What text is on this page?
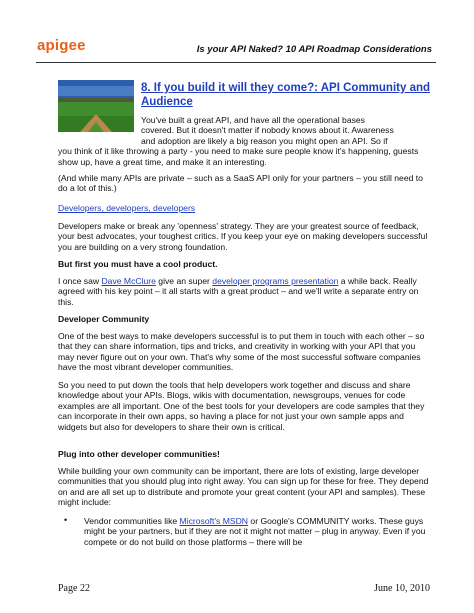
apigee	Is your API Naked? 10 API Roadmap Considerations
8. If you build it will they come?: API Community and Audience

You've built a great API, and have all the operational bases

covered. But it doesn't matter if nobody knows about it. Awareness

and adoption are likely a big reason you might open an API. So if

you think of it like throwing a party - you need to make sure people know it's happening, guests show up, have a great time, and make it an interesting.

(And while many APIs are private – such as a SaaS API only for your partners – you still need to do a lot of this.)
Developers, developers, developers
Developers make or break any 'openness' strategy. They are your greatest source of feedback, your best advocates, your toughest critics. If you keep your eye on making developers successful you are building on a very strong foundation.
But first you must have a cool product.
I once saw Dave McClure give an super developer programs presentation a while back. Really agreed with his key point – it all starts with a great product – and we'll write a separate entry on this.
Developer Community
One of the best ways to make developers successful is to put them in touch with each other – so that they can share information, tips and tricks, and creativity in working with your API that you may never figure out on your own. That's why some of the most successful software companies have the most vibrant developer communities.
So you need to put down the tools that help developers work together and discuss and share knowledge about your APIs. Blogs, wikis with documentation, newsgroups, venues for code examples are all important. One of the best tools for your developers are code samples that they can incorporate in their own apps, so having a place for not just your own sample apps and widgets but also for developers to share their own is critical.
Plug into other developer communities!
While building your own community can be important, there are lots of existing, large developer communities that you should plug into right away. You can sign up for these for free. They depend on and are all set up to distribute and promote your great content (your API and samples). These might include:
• Vendor communities like Microsoft's MSDN or Google's COMMUNITY works. These guys might be your partners, but if they are not it might not matter – plug in anyway. Even if you compete or do not build on those platforms – there will be
Page 22	June 10, 2010
